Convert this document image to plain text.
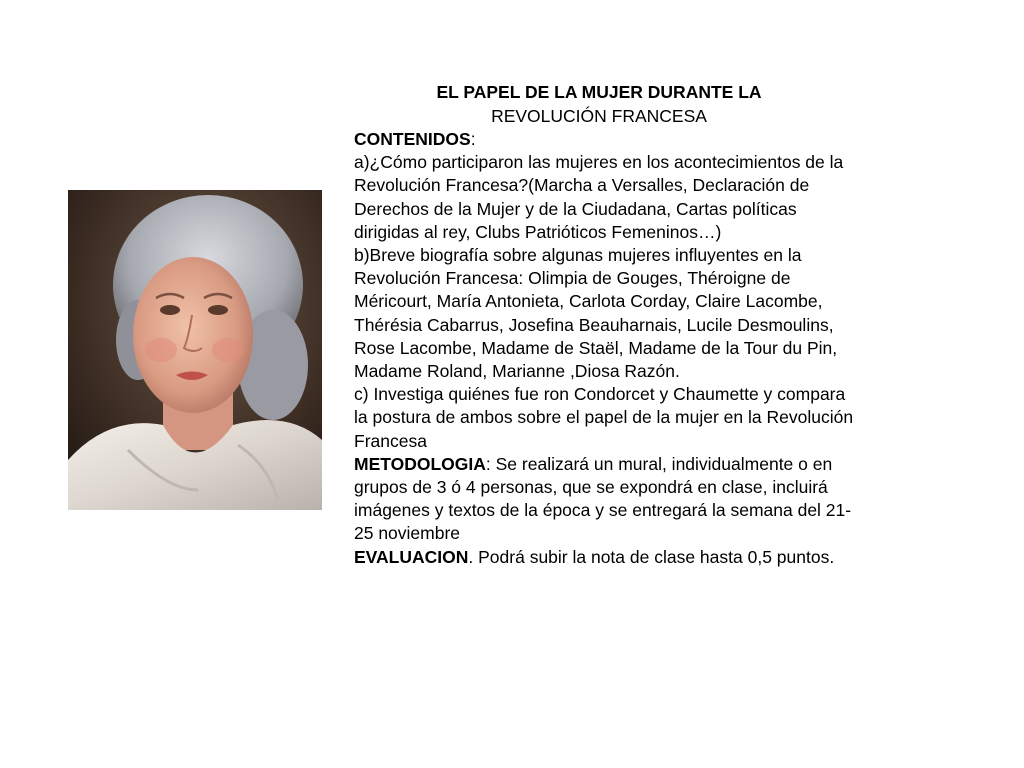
EL PAPEL DE LA MUJER DURANTE LA

REVOLUCIÓN FRANCESA

CONTENIDOS:

a)¿Cómo participaron las mujeres en los acontecimientos de la Revolución Francesa?(Marcha a Versalles, Declaración de Derechos de la Mujer y de la Ciudadana, Cartas políticas dirigidas al rey, Clubs Patrióticos Femeninos…)

b)Breve biografía sobre algunas mujeres influyentes en la Revolución Francesa: Olimpia de Gouges, Théroigne de Méricourt, María Antonieta, Carlota Corday, Claire Lacombe, Thérésia Cabarrus, Josefina Beauharnais, Lucile Desmoulins, Rose Lacombe, Madame de Staël, Madame de la Tour du Pin, Madame Roland, Marianne ,Diosa Razón.

c) Investiga quiénes fue ron Condorcet y Chaumette y compara la postura de ambos sobre el papel de la mujer en la Revolución Francesa

METODOLOGIA: Se realizará un mural, individualmente o en grupos de 3 ó 4 personas, que se expondrá en clase, incluirá imágenes y textos de la época y se entregará la semana del 21-25 noviembre

EVALUACION. Podrá subir la nota de clase hasta 0,5 puntos.
